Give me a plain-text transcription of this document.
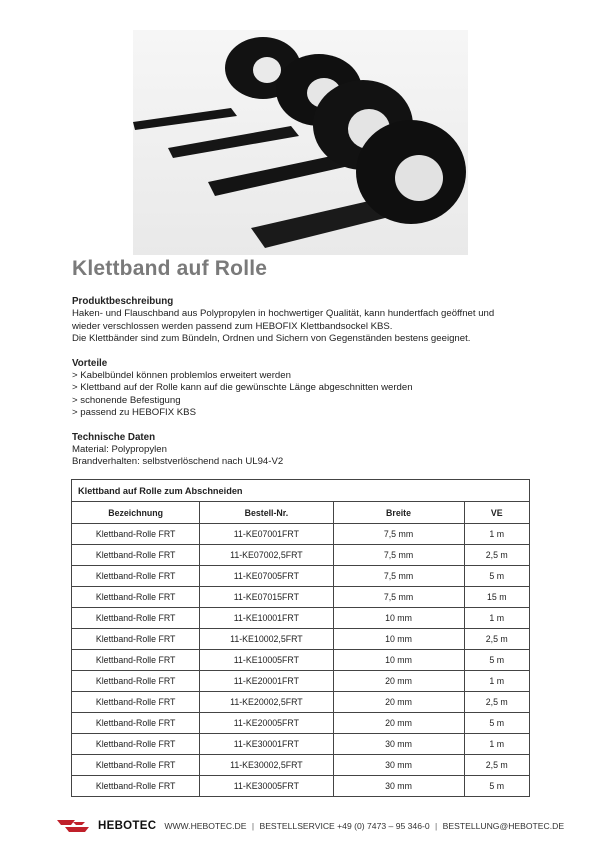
Klettband auf Rolle
Produktbeschreibung
Haken- und Flauschband aus Polypropylen in hochwertiger Qualität, kann hundertfach geöffnet und
wieder verschlossen werden passend zum HEBOFIX Klettbandsockel KBS.
Die Klettbänder sind zum Bündeln, Ordnen und Sichern von Gegenständen bestens geeignet.
Vorteile
> Kabelbündel können problemlos erweitert werden
> Klettband auf der Rolle kann auf die gewünschte Länge abgeschnitten werden
> schonende Befestigung
> passend zu HEBOFIX KBS
Technische Daten
Material: Polypropylen
Brandverhalten: selbstverlöschend nach UL94-V2
Klettband auf Rolle zum Abschneiden			
Bezeichnung	Bestell-Nr.	Breite	VE
Klettband-Rolle FRT	11-KE07001FRT	7,5 mm	1 m
Klettband-Rolle FRT	11-KE07002,5FRT	7,5 mm	2,5 m
Klettband-Rolle FRT	11-KE07005FRT	7,5 mm	5 m
Klettband-Rolle FRT	11-KE07015FRT	7,5 mm	15 m
Klettband-Rolle FRT	11-KE10001FRT	10 mm	1 m
Klettband-Rolle FRT	11-KE10002,5FRT	10 mm	2,5 m
Klettband-Rolle FRT	11-KE10005FRT	10 mm	5 m
Klettband-Rolle FRT	11-KE20001FRT	20 mm	1 m
Klettband-Rolle FRT	11-KE20002,5FRT	20 mm	2,5 m
Klettband-Rolle FRT	11-KE20005FRT	20 mm	5 m
Klettband-Rolle FRT	11-KE30001FRT	30 mm	1 m
Klettband-Rolle FRT	11-KE30002,5FRT	30 mm	2,5 m
Klettband-Rolle FRT	11-KE30005FRT	30 mm	5 m
HEBOTEC WWW.HEBOTEC.DE | BESTELLSERVICE +49 (0) 7473 – 95 346-0 | BESTELLUNG@HEBOTEC.DE
